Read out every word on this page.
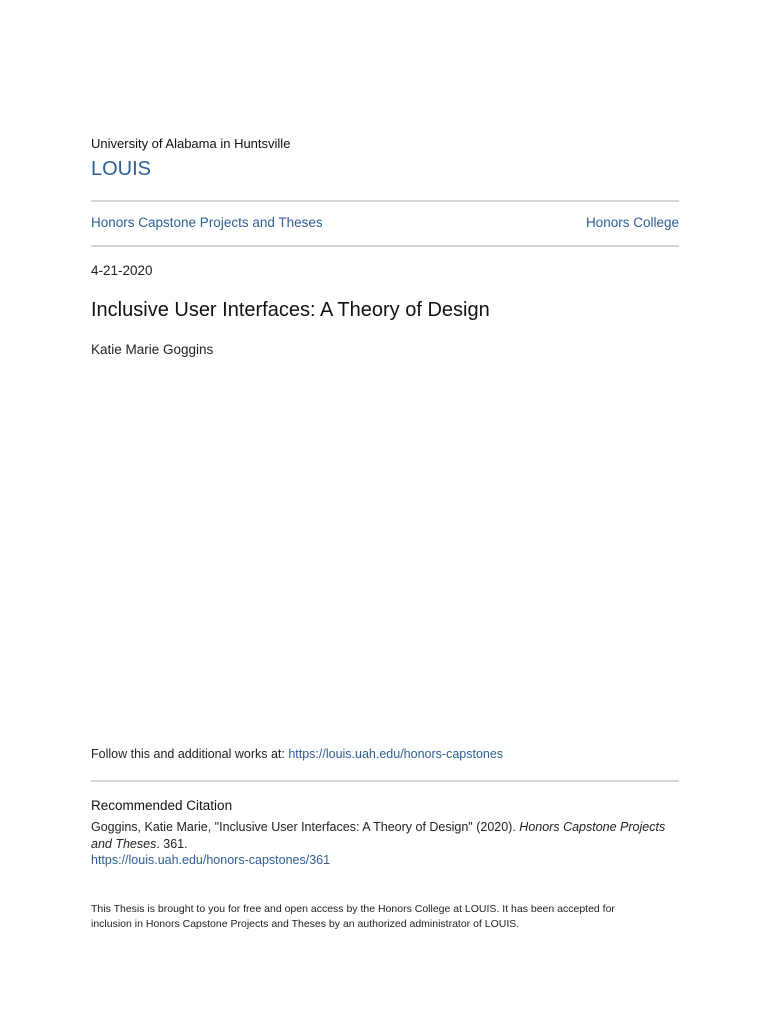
University of Alabama in Huntsville
LOUIS
Honors Capstone Projects and Theses	Honors College
4-21-2020
Inclusive User Interfaces: A Theory of Design
Katie Marie Goggins
Follow this and additional works at: https://louis.uah.edu/honors-capstones
Recommended Citation
Goggins, Katie Marie, "Inclusive User Interfaces: A Theory of Design" (2020). Honors Capstone Projects and Theses. 361.
https://louis.uah.edu/honors-capstones/361
This Thesis is brought to you for free and open access by the Honors College at LOUIS. It has been accepted for
inclusion in Honors Capstone Projects and Theses by an authorized administrator of LOUIS.
